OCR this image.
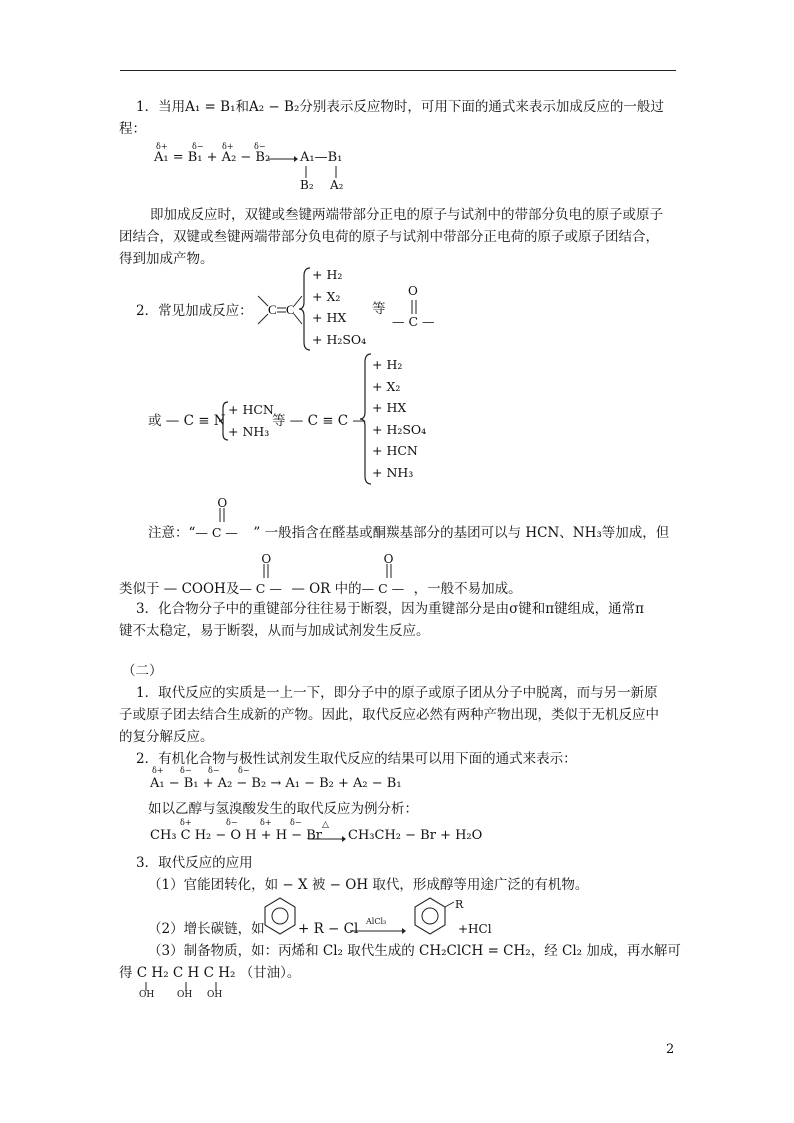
1．当用A₁ = B₁和A₂ − B₂分别表示反应物时，可用下面的通式来表示加成反应的一般过
程：
δ+	δ− δ+	δ−
A₁ = B₁ + A₂ − B₂ → A₁—B₁
B₂ A₂
即加成反应时，双键或叁键两端带部分正电的原子与试剂中的带部分负电的原子或原子
团结合，双键或叁键两端带部分负电荷的原子与试剂中带部分正电荷的原子或原子团结合，
得到加成产物。
2．常见加成反应： C C
+ H₂
+ X₂
+ HX
+ H₂SO₄
等
O
— C —
或 — C ≡ N
+ HCN
+ NH₃
等 — C ≡ C —
+ H₂
+ X₂
+ HX
+ H₂SO₄
+ HCN
+ NH₃
注意：“
O
— C — ” 一般指含在醛基或酮羰基部分的基团可以与 HCN、NH₃等加成，但
类似于 — COOH及
O
— C — — OR 中的
O
— C — ，一般不易加成。
3．化合物分子中的重键部分往往易于断裂，因为重键部分是由σ键和π键组成，通常π
键不太稳定，易于断裂，从而与加成试剂发生反应。
（二）
1．取代反应的实质是一上一下，即分子中的原子或原子团从分子中脱离，而与另一新原
子或原子团去结合生成新的产物。因此，取代反应必然有两种产物出现，类似于无机反应中
的复分解反应。
2．有机化合物与极性试剂发生取代反应的结果可以用下面的通式来表示：
δ+ δ− δ− δ−
A₁ − B₁ + A₂ − B₂ → A₁ − B₂ + A₂ − B₁
如以乙醇与氢溴酸发生的取代反应为例分析：
δ+	δ−	δ+ δ−
CH₃ C H₂ − O H + H − Br
△
→ CH₃CH₂ − Br + H₂O
3．取代反应的应用
（1）官能团转化，如 − X 被 − OH 取代，形成醇等用途广泛的有机物。
（2）增长碳链，如 + R − Cl AlCl₃
R
+HCl
（3）制备物质，如：丙烯和 Cl₂ 取代生成的 CH₂ClCH = CH₂，经 Cl₂ 加成，再水解可
得 C H₂ C H C H₂ （甘油）。
OH	OH OH
2
